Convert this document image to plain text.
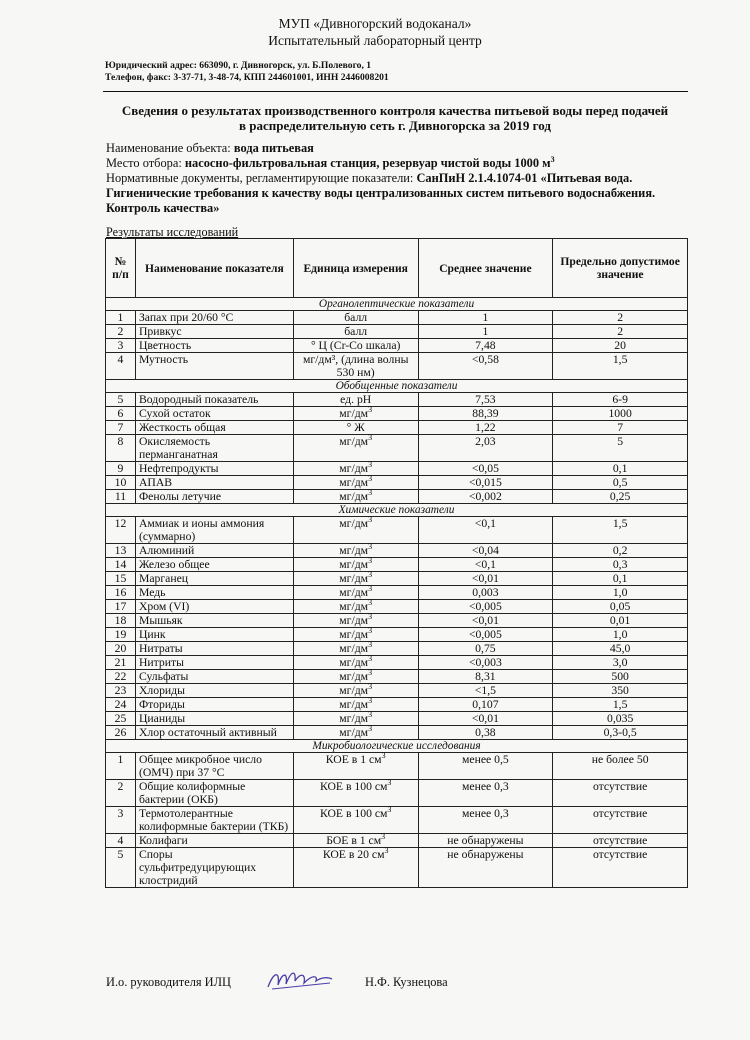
МУП «Дивногорский водоканал»
Испытательный лабораторный центр
Юридический адрес: 663090, г. Дивногорск, ул. Б.Полевого, 1
Телефон, факс: 3-37-71, 3-48-74, КПП 244601001, ИНН 2446008201
Сведения о результатах производственного контроля качества питьевой воды перед подачей
в распределительную сеть г. Дивногорска за 2019 год
Наименование объекта: вода питьевая
Место отбора: насосно-фильтровальная станция, резервуар чистой воды 1000 $м^3$
Нормативные документы, регламентирующие показатели: СанПиН 2.1.4.1074-01 «Питьевая вода. Гигиенические требования к качеству воды централизованных систем питьевого водоснабжения. Контроль качества»
Результаты исследований
№ п/п	Наименование показателя	Единица измерения	Среднее значение	Предельно допустимое значение
Органолептические показатели				
1	Запах при 20/60 °С	балл	1	2
2	Привкус	балл	1	2
3	Цветность	° Ц (Cr-Co шкала)	7,48	20
4	Мутность	мг/дм³, (длина волны 530 нм)	<0,58	1,5
Обобщенные показатели				
5	Водородный показатель	ед. рН	7,53	6-9
6	Сухой остаток	$мг/дм^3$	88,39	1000
7	Жесткость общая	° Ж	1,22	7
8	Окисляемость перманганатная	$мг/дм^3$	2,03	5
9	Нефтепродукты	$мг/дм^3$	<0,05	0,1
10	АПАВ	$мг/дм^3$	<0,015	0,5
11	Фенолы летучие	$мг/дм^3$	<0,002	0,25
Химические показатели				
12	Аммиак и ионы аммония (суммарно)	$мг/дм^3$	<0,1	1,5
13	Алюминий	$мг/дм^3$	<0,04	0,2
14	Железо общее	$мг/дм^3$	<0,1	0,3
15	Марганец	$мг/дм^3$	<0,01	0,1
16	Медь	$мг/дм^3$	0,003	1,0
17	Хром (VI)	$мг/дм^3$	<0,005	0,05
18	Мышьяк	$мг/дм^3$	<0,01	0,01
19	Цинк	$мг/дм^3$	<0,005	1,0
20	Нитраты	$мг/дм^3$	0,75	45,0
21	Нитриты	$мг/дм^3$	<0,003	3,0
22	Сульфаты	$мг/дм^3$	8,31	500
23	Хлориды	$мг/дм^3$	<1,5	350
24	Фториды	$мг/дм^3$	0,107	1,5
25	Цианиды	$мг/дм^3$	<0,01	0,035
26	Хлор остаточный активный	$мг/дм^3$	0,38	0,3-0,5
Микробиологические исследования				
1	Общее микробное число (ОМЧ) при 37 °С	КОЕ в 1 $см^3$	менее 0,5	не более 50
2	Общие колиформные бактерии (ОКБ)	КОЕ в 100 $см^3$	менее 0,3	отсутствие
3	Термотолерантные колиформные бактерии (ТКБ)	КОЕ в 100 $см^3$	менее 0,3	отсутствие
4	Колифаги	БОЕ в 1 $см^3$	не обнаружены	отсутствие
5	Споры сульфитредуцирующих клостридий	КОЕ в 20 $см^3$	не обнаружены	отсутствие
И.о. руководителя ИЛЦ	Н.Ф. Кузнецова
